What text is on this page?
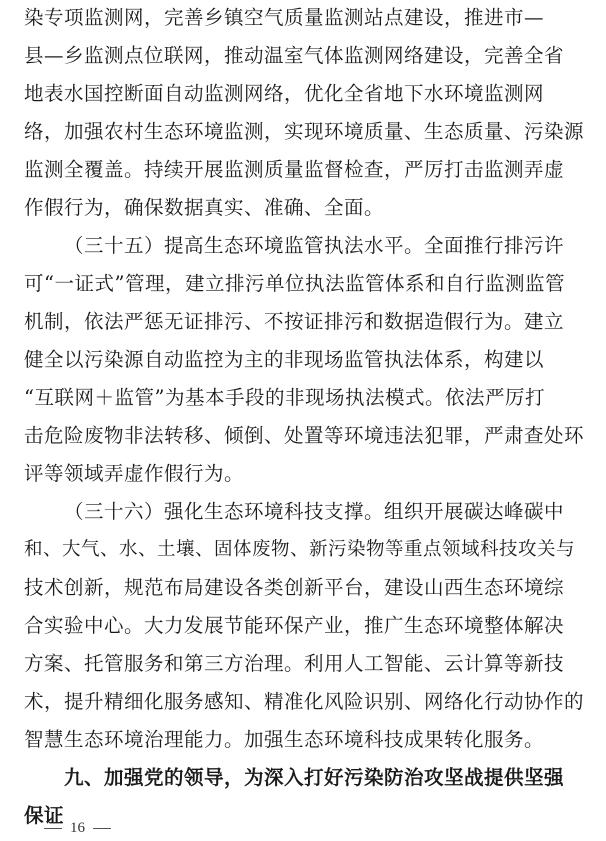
染专项监测网，完善乡镇空气质量监测站点建设，推进市—
县—乡监测点位联网，推动温室气体监测网络建设，完善全省
地表水国控断面自动监测网络，优化全省地下水环境监测网
络，加强农村生态环境监测，实现环境质量、生态质量、污染源
监测全覆盖。持续开展监测质量监督检查，严厉打击监测弄虚
作假行为，确保数据真实、准确、全面。
（三十五）提高生态环境监管执法水平。全面推行排污许
可“一证式”管理，建立排污单位执法监管体系和自行监测监管
机制，依法严惩无证排污、不按证排污和数据造假行为。建立
健全以污染源自动监控为主的非现场监管执法体系，构建以
“互联网＋监管”为基本手段的非现场执法模式。依法严厉打
击危险废物非法转移、倾倒、处置等环境违法犯罪，严肃查处环
评等领域弄虚作假行为。
（三十六）强化生态环境科技支撑。组织开展碳达峰碳中
和、大气、水、土壤、固体废物、新污染物等重点领域科技攻关与
技术创新，规范布局建设各类创新平台，建设山西生态环境综
合实验中心。大力发展节能环保产业，推广生态环境整体解决
方案、托管服务和第三方治理。利用人工智能、云计算等新技
术，提升精细化服务感知、精准化风险识别、网络化行动协作的
智慧生态环境治理能力。加强生态环境科技成果转化服务。
九、加强党的领导，为深入打好污染防治攻坚战提供坚强
保证
16
